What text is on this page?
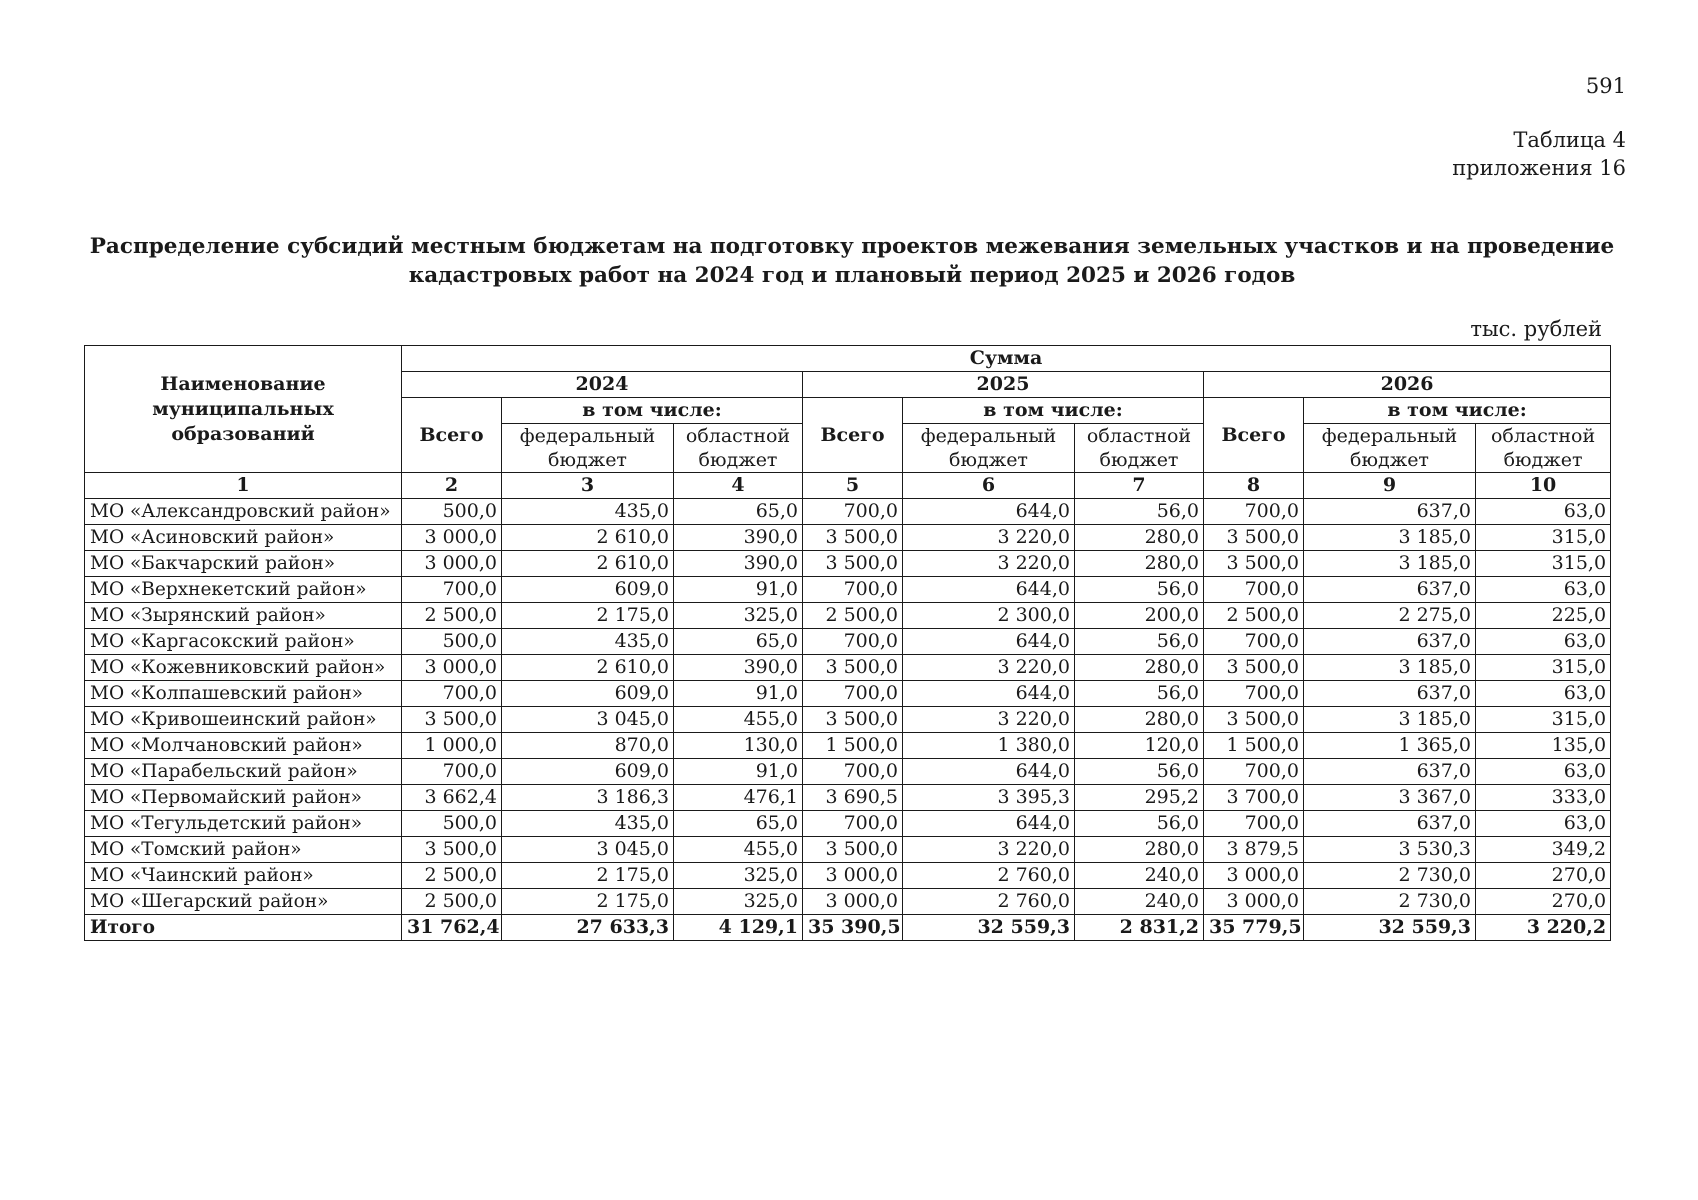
591
Таблица 4
приложения 16
Распределение субсидий местным бюджетам на подготовку проектов межевания земельных участков и на проведение
кадастровых работ на 2024 год и плановый период 2025 и 2026 годов
тыс. рублей
Наименование муниципальных образований	Сумма								
	2024			2025			2026		
	Всего	в том числе:		Всего	в том числе:		Всего	в том числе:	
		федеральный бюджет	областной бюджет		федеральный бюджет	областной бюджет		федеральный бюджет	областной бюджет

1	2	3	4	5	6	7	8	9	10
МО «Александровский район»	500,0	435,0	65,0	700,0	644,0	56,0	700,0	637,0	63,0
МО «Асиновский район»	3 000,0	2 610,0	390,0	3 500,0	3 220,0	280,0	3 500,0	3 185,0	315,0
МО «Бакчарский район»	3 000,0	2 610,0	390,0	3 500,0	3 220,0	280,0	3 500,0	3 185,0	315,0
МО «Верхнекетский район»	700,0	609,0	91,0	700,0	644,0	56,0	700,0	637,0	63,0
МО «Зырянский район»	2 500,0	2 175,0	325,0	2 500,0	2 300,0	200,0	2 500,0	2 275,0	225,0
МО «Каргасокский район»	500,0	435,0	65,0	700,0	644,0	56,0	700,0	637,0	63,0
МО «Кожевниковский район»	3 000,0	2 610,0	390,0	3 500,0	3 220,0	280,0	3 500,0	3 185,0	315,0
МО «Колпашевский район»	700,0	609,0	91,0	700,0	644,0	56,0	700,0	637,0	63,0
МО «Кривошеинский район»	3 500,0	3 045,0	455,0	3 500,0	3 220,0	280,0	3 500,0	3 185,0	315,0
МО «Молчановский район»	1 000,0	870,0	130,0	1 500,0	1 380,0	120,0	1 500,0	1 365,0	135,0
МО «Парабельский район»	700,0	609,0	91,0	700,0	644,0	56,0	700,0	637,0	63,0
МО «Первомайский район»	3 662,4	3 186,3	476,1	3 690,5	3 395,3	295,2	3 700,0	3 367,0	333,0
МО «Тегульдетский район»	500,0	435,0	65,0	700,0	644,0	56,0	700,0	637,0	63,0
МО «Томский район»	3 500,0	3 045,0	455,0	3 500,0	3 220,0	280,0	3 879,5	3 530,3	349,2
МО «Чаинский район»	2 500,0	2 175,0	325,0	3 000,0	2 760,0	240,0	3 000,0	2 730,0	270,0
МО «Шегарский район»	2 500,0	2 175,0	325,0	3 000,0	2 760,0	240,0	3 000,0	2 730,0	270,0
Итого	31 762,4	27 633,3	4 129,1	35 390,5	32 559,3	2 831,2	35 779,5	32 559,3	3 220,2
